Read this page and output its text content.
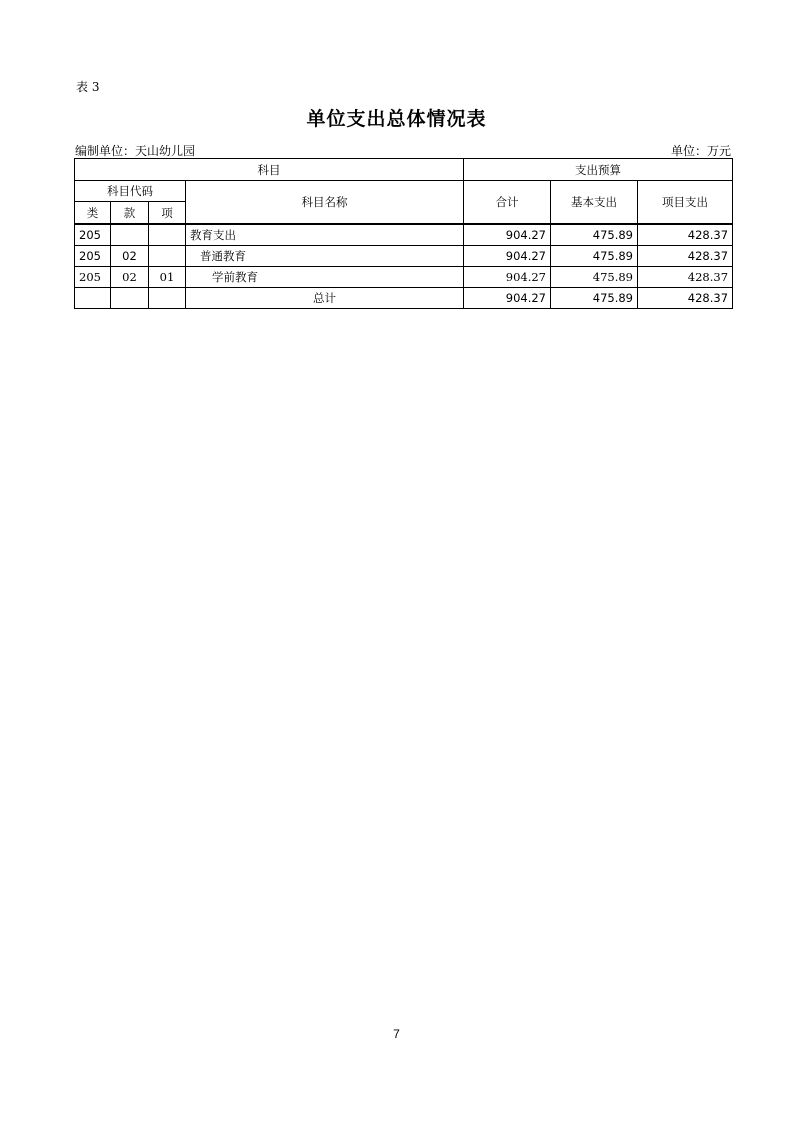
表 3
单位支出总体情况表
编制单位：天山幼儿园	单位：万元
科目				支出预算		
科目代码			科目名称	合计	基本支出	项目支出
类	款	项				
205			教育支出	904.27	475.89	428.37
205	02		普通教育	904.27	475.89	428.37
205	02	01	学前教育	904.27	475.89	428.37
			总计	904.27	475.89	428.37
7
